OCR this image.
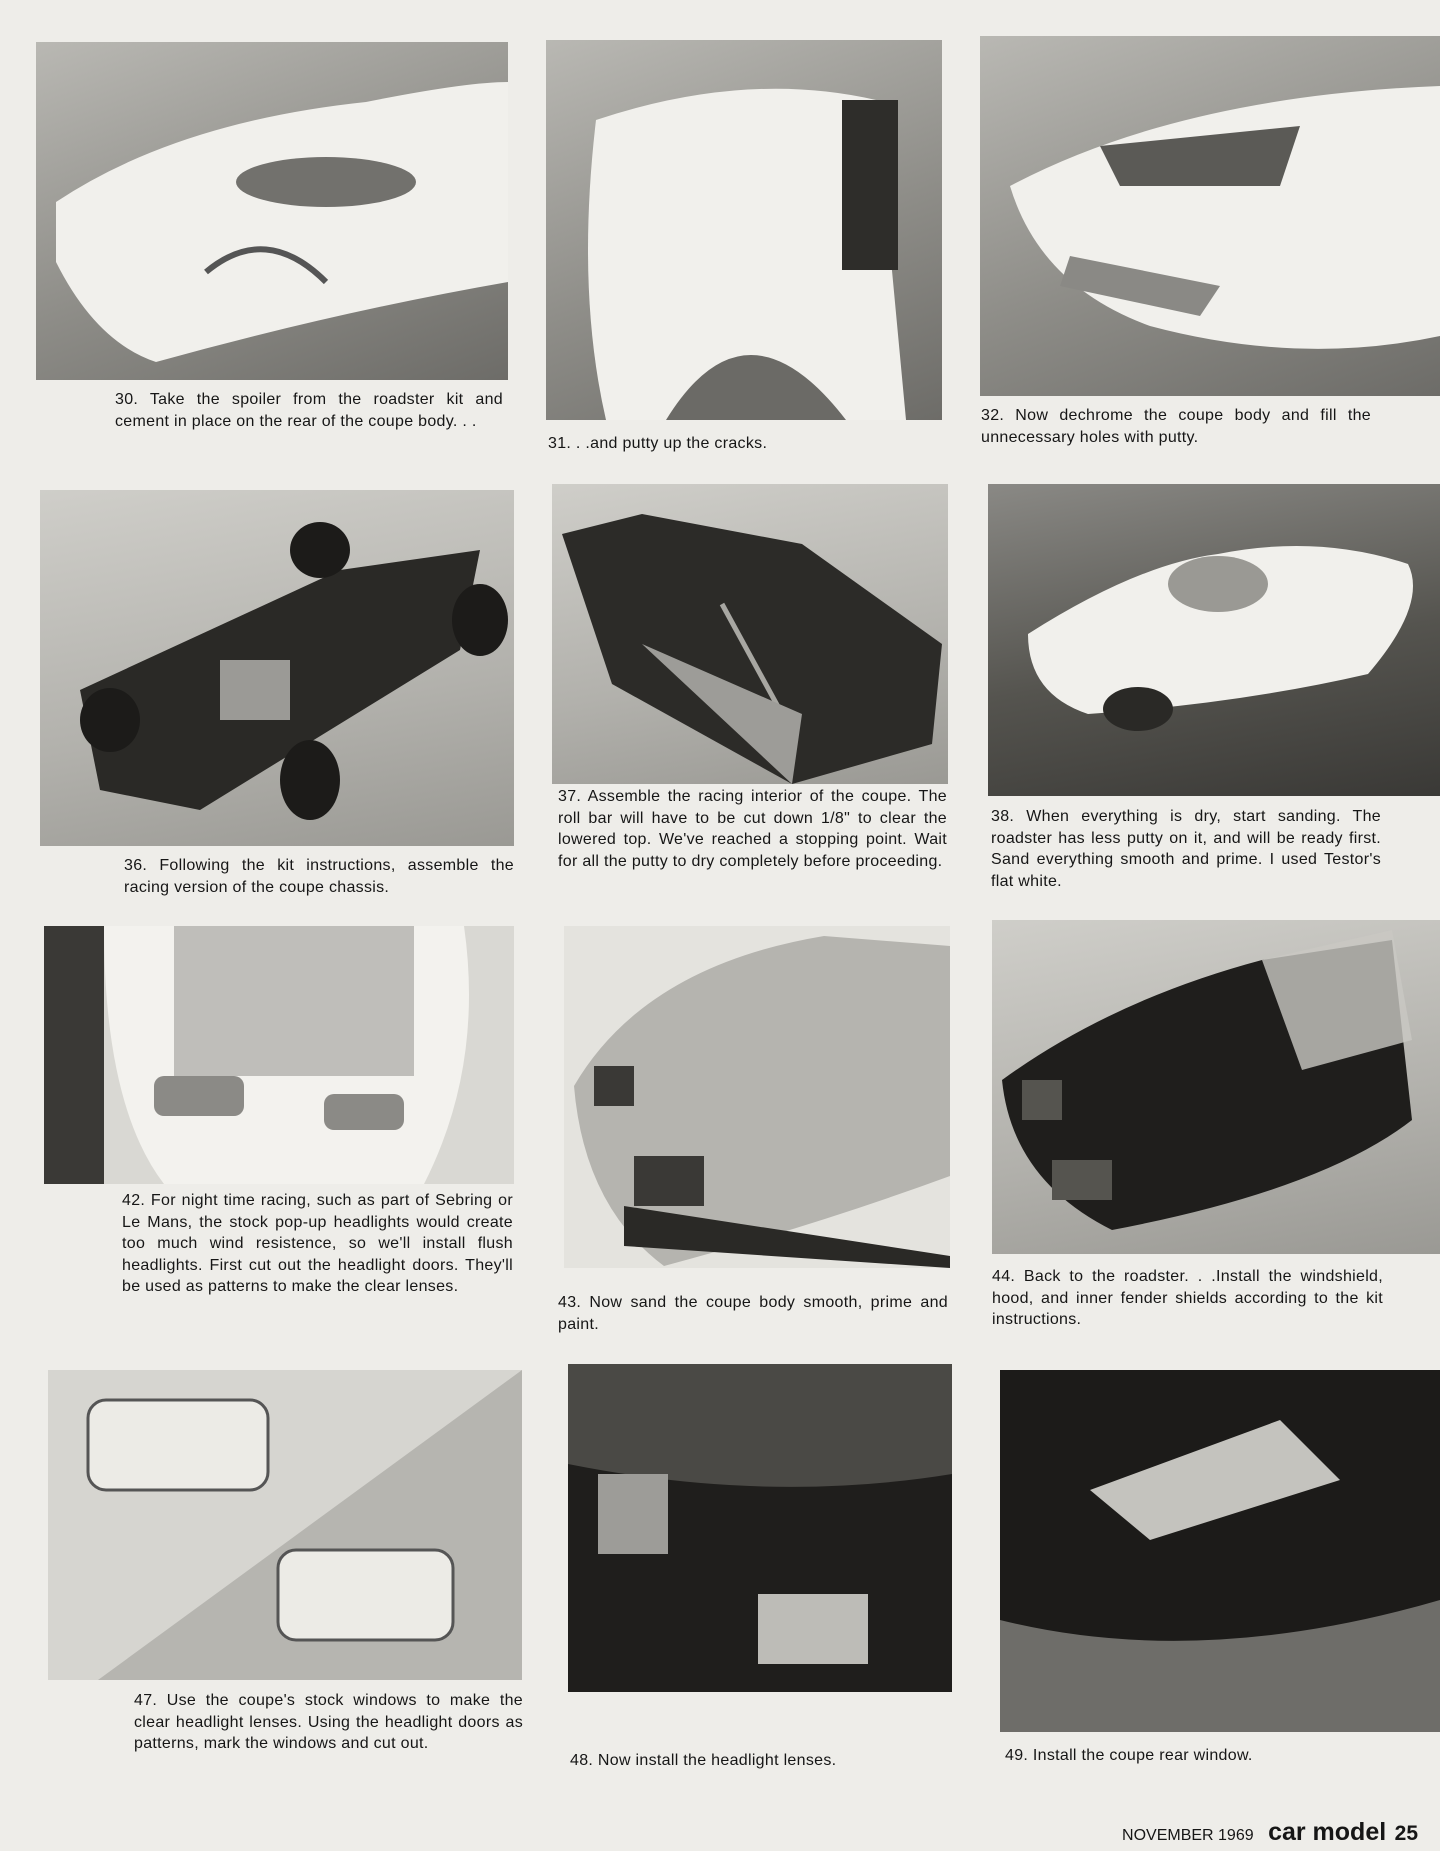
30. Take the spoiler from the roadster kit and cement in place on the rear of the coupe body. . .
31. . .and putty up the cracks.
32. Now dechrome the coupe body and fill the unnecessary holes with putty.
36. Following the kit instructions, assemble the racing version of the coupe chassis.
37. Assemble the racing interior of the coupe. The roll bar will have to be cut down 1/8" to clear the lowered top. We've reached a stopping point. Wait for all the putty to dry completely before proceeding.
38. When everything is dry, start sanding. The roadster has less putty on it, and will be ready first. Sand everything smooth and prime. I used Testor's flat white.
42. For night time racing, such as part of Sebring or Le Mans, the stock pop-up headlights would create too much wind resistence, so we'll install flush headlights. First cut out the headlight doors. They'll be used as patterns to make the clear lenses.
43. Now sand the coupe body smooth, prime and paint.
44. Back to the roadster. . .Install the windshield, hood, and inner fender shields according to the kit instructions.
47. Use the coupe's stock windows to make the clear headlight lenses. Using the headlight doors as patterns, mark the windows and cut out.
48. Now install the headlight lenses.	49. Install the coupe rear window.
NOVEMBER 1969 car model 25
